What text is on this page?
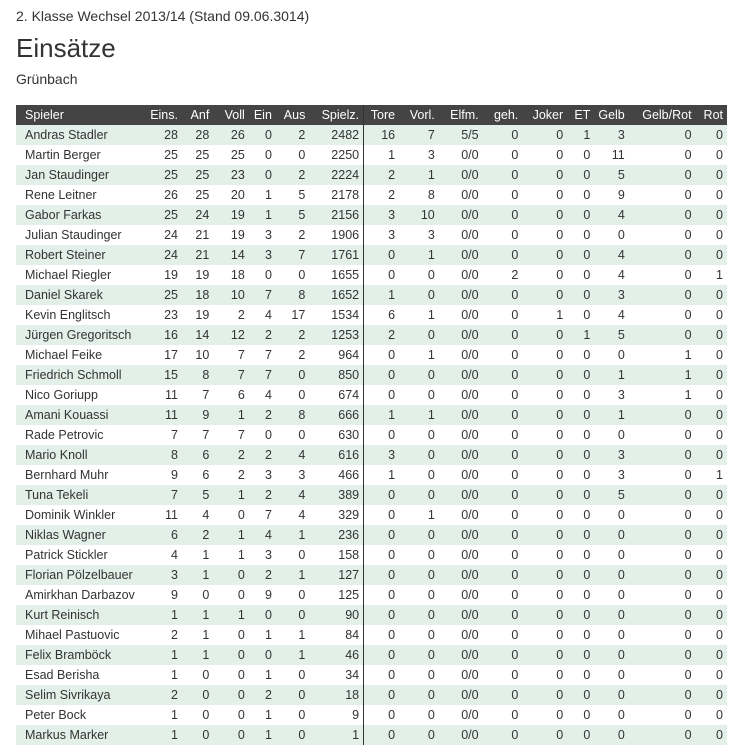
2. Klasse Wechsel 2013/14 (Stand 09.06.3014)
Einsätze
Grünbach
Spieler	Eins.	Anf	Voll	Ein	Aus	Spielz.	Tore	Vorl.	Elfm.	geh.	Joker	ET	Gelb	Gelb/Rot	Rot
Andras Stadler	28	28	26	0	2	2482	16	7	5/5	0	0	1	3	0	0
Martin Berger	25	25	25	0	0	2250	1	3	0/0	0	0	0	11	0	0
Jan Staudinger	25	25	23	0	2	2224	2	1	0/0	0	0	0	5	0	0
Rene Leitner	26	25	20	1	5	2178	2	8	0/0	0	0	0	9	0	0
Gabor Farkas	25	24	19	1	5	2156	3	10	0/0	0	0	0	4	0	0
Julian Staudinger	24	21	19	3	2	1906	3	3	0/0	0	0	0	0	0	0
Robert Steiner	24	21	14	3	7	1761	0	1	0/0	0	0	0	4	0	0
Michael Riegler	19	19	18	0	0	1655	0	0	0/0	2	0	0	4	0	1
Daniel Skarek	25	18	10	7	8	1652	1	0	0/0	0	0	0	3	0	0
Kevin Englitsch	23	19	2	4	17	1534	6	1	0/0	0	1	0	4	0	0
Jürgen Gregoritsch	16	14	12	2	2	1253	2	0	0/0	0	0	1	5	0	0
Michael Feike	17	10	7	7	2	964	0	1	0/0	0	0	0	0	1	0
Friedrich Schmoll	15	8	7	7	0	850	0	0	0/0	0	0	0	1	1	0
Nico Goriupp	11	7	6	4	0	674	0	0	0/0	0	0	0	3	1	0
Amani Kouassi	11	9	1	2	8	666	1	1	0/0	0	0	0	1	0	0
Rade Petrovic	7	7	7	0	0	630	0	0	0/0	0	0	0	0	0	0
Mario Knoll	8	6	2	2	4	616	3	0	0/0	0	0	0	3	0	0
Bernhard Muhr	9	6	2	3	3	466	1	0	0/0	0	0	0	3	0	1
Tuna Tekeli	7	5	1	2	4	389	0	0	0/0	0	0	0	5	0	0
Dominik Winkler	11	4	0	7	4	329	0	1	0/0	0	0	0	0	0	0
Niklas Wagner	6	2	1	4	1	236	0	0	0/0	0	0	0	0	0	0
Patrick Stickler	4	1	1	3	0	158	0	0	0/0	0	0	0	0	0	0
Florian Pölzelbauer	3	1	0	2	1	127	0	0	0/0	0	0	0	0	0	0
Amirkhan Darbazov	9	0	0	9	0	125	0	0	0/0	0	0	0	0	0	0
Kurt Reinisch	1	1	1	0	0	90	0	0	0/0	0	0	0	0	0	0
Mihael Pastuovic	2	1	0	1	1	84	0	0	0/0	0	0	0	0	0	0
Felix Bramböck	1	1	0	0	1	46	0	0	0/0	0	0	0	0	0	0
Esad Berisha	1	0	0	1	0	34	0	0	0/0	0	0	0	0	0	0
Selim Sivrikaya	2	0	0	2	0	18	0	0	0/0	0	0	0	0	0	0
Peter Bock	1	0	0	1	0	9	0	0	0/0	0	0	0	0	0	0
Markus Marker	1	0	0	1	0	1	0	0	0/0	0	0	0	0	0	0
